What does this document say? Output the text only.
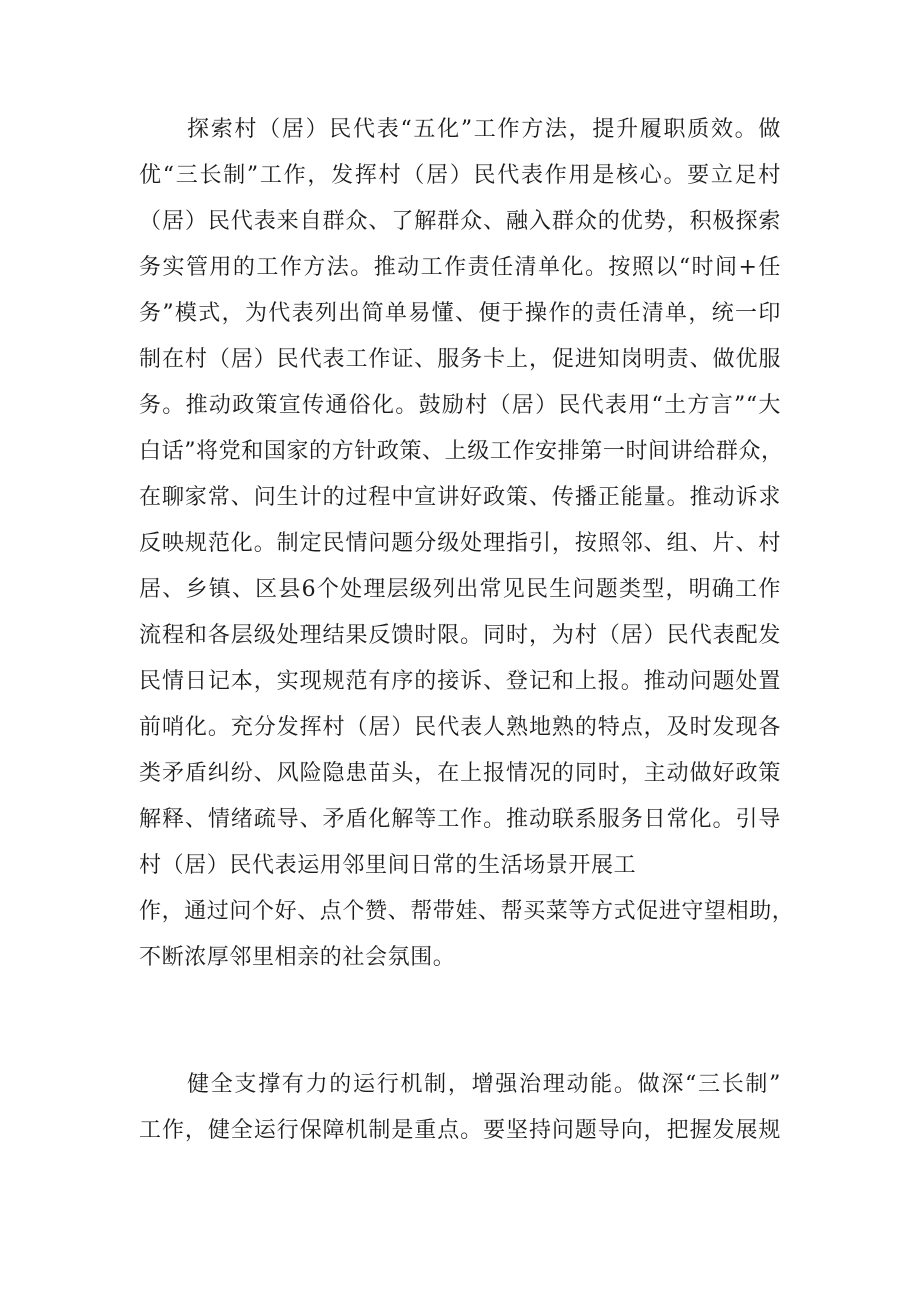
探索村（居）民代表“五化”工作方法，提升履职质效。做
优“三长制”工作，发挥村（居）民代表作用是核心。要立足村
（居）民代表来自群众、了解群众、融入群众的优势，积极探索
务实管用的工作方法。推动工作责任清单化。按照以“时间+任
务”模式，为代表列出简单易懂、便于操作的责任清单，统一印
制在村（居）民代表工作证、服务卡上，促进知岗明责、做优服
务。推动政策宣传通俗化。鼓励村（居）民代表用“土方言”“大
白话”将党和国家的方针政策、上级工作安排第一时间讲给群众，
在聊家常、问生计的过程中宣讲好政策、传播正能量。推动诉求
反映规范化。制定民情问题分级处理指引，按照邻、组、片、村
居、乡镇、区县6个处理层级列出常见民生问题类型，明确工作
流程和各层级处理结果反馈时限。同时，为村（居）民代表配发
民情日记本，实现规范有序的接诉、登记和上报。推动问题处置
前哨化。充分发挥村（居）民代表人熟地熟的特点，及时发现各
类矛盾纠纷、风险隐患苗头，在上报情况的同时，主动做好政策
解释、情绪疏导、矛盾化解等工作。推动联系服务日常化。引导
村（居）民代表运用邻里间日常的生活场景开展工
作，通过问个好、点个赞、帮带娃、帮买菜等方式促进守望相助，
不断浓厚邻里相亲的社会氛围。
健全支撑有力的运行机制，增强治理动能。做深“三长制”
工作，健全运行保障机制是重点。要坚持问题导向，把握发展规
